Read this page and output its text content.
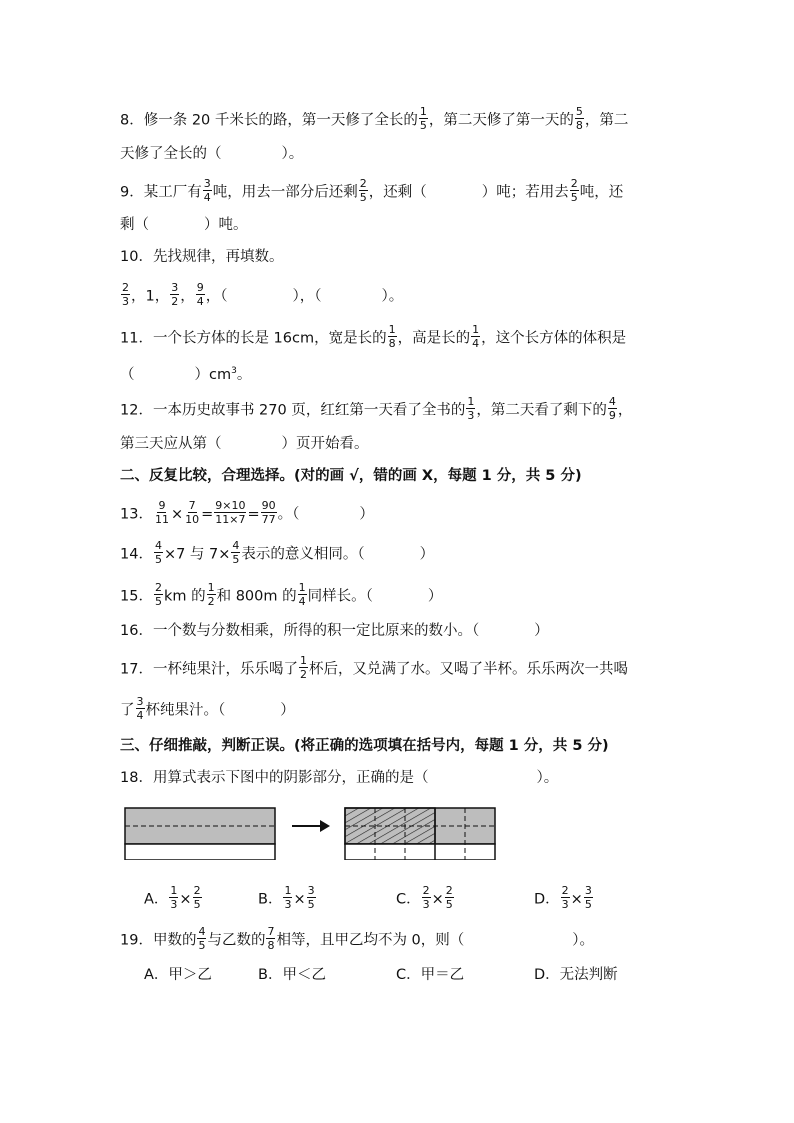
8．修一条 20 千米长的路，第一天修了全长的 $\frac{1}{5}$ ，第二天修了第一天的 $\frac{5}{8}$ ，第二
天修了全长的（	）。
9．某工厂有 $\frac{3}{4}$ 吨，用去一部分后还剩 $\frac{2}{5}$ ，还剩（	）吨；若用去 $\frac{2}{5}$ 吨，还
剩（	）吨。
10．先找规律，再填数。
$\frac{2}{3}$ ，1， $\frac{3}{2}$ ， $\frac{9}{4}$ ，（	），（	）。
11．一个长方体的长是 16cm，宽是长的 $\frac{1}{8}$ ，高是长的 $\frac{1}{4}$ ，这个长方体的体积是
（	）$cm^3$。
12．一本历史故事书 270 页，红红第一天看了全书的 $\frac{1}{3}$ ，第二天看了剩下的 $\frac{4}{9}$ ，
第三天应从第（	）页开始看。
二、反复比较，合理选择。(对的画 √，错的画 X，每题 1 分，共 5 分)
13． $\frac{9}{11} \times \frac{7}{10} = \frac{9\times 10}{11\times 7} = \frac{90}{77}$ 。（	）
14． $\frac{4}{5} \times 7$ 与 $7\times \frac{4}{5}$ 表示的意义相同。（	）
15． $\frac{2}{5}$ km 的 $\frac{1}{2}$ 和 800m 的 $\frac{1}{4}$ 同样长。（	）
16．一个数与分数相乘，所得的积一定比原来的数小。（	）
17．一杯纯果汁，乐乐喝了 $\frac{1}{2}$ 杯后，又兑满了水。又喝了半杯。乐乐两次一共喝
了 $\frac{3}{4}$ 杯纯果汁。（	）
三、仔细推敲，判断正误。(将正确的选项填在括号内，每题 1 分，共 5 分)
18．用算式表示下图中的阴影部分，正确的是（	）。
A． $\frac{1}{3} \times \frac{2}{5}$	B． $\frac{1}{3} \times \frac{3}{5}$	C． $\frac{2}{3} \times \frac{2}{5}$	D． $\frac{2}{3} \times \frac{3}{5}$
19．甲数的 $\frac{4}{5}$ 与乙数的 $\frac{7}{8}$ 相等，且甲乙均不为 0，则（	）。
A．甲＞乙	B．甲＜乙	C．甲＝乙	D．无法判断
